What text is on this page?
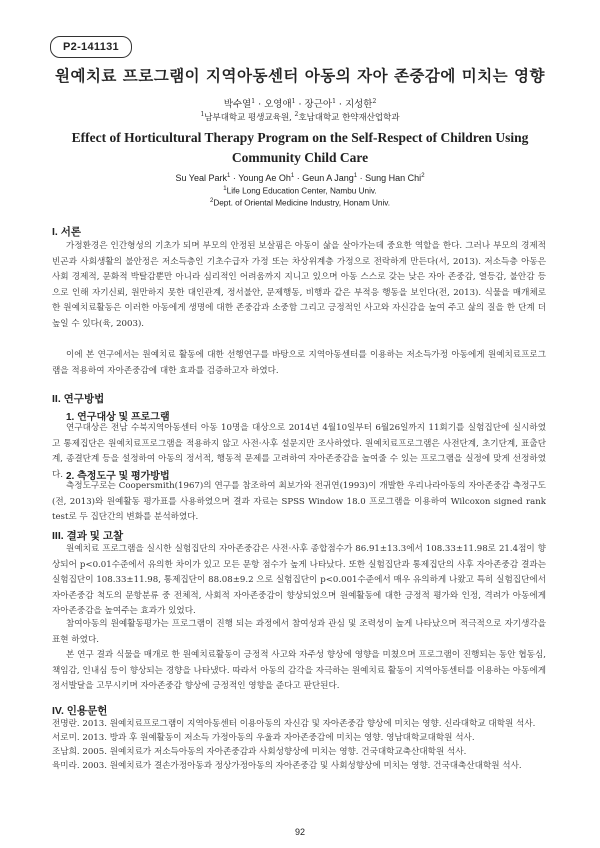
P2-141131
원예치료 프로그램이 지역아동센터 아동의 자아 존중감에 미치는 영향
박수열$^1$ · 오영애$^1$ · 장근아$^1$ · 지성한$^2$
$^1$남부대학교 평생교육원, $^2$호남대학교 한약재산업학과
Effect of Horticultural Therapy Program on the Self-Respect of Children Using Community Child Care
Su Yeal Park$^1$ · Young Ae $Oh^1$ · Geun A Jang$^1$ · Sung Han Chi$^2$
$^1$Life Long Education Center, Nambu Univ.
$^2$Dept. of Oriental Medicine Industry, Honam Univ.
I. 서론
가정환경은 인간형성의 기초가 되며 부모의 안정된 보살핌은 아동이 삶을 살아가는데 중요한 역할을 한다. 그러나 부모의 경제적 빈곤과 사회생활의 불안정은 저소득층인 기초수급자 가정 또는 차상위계층 가정으로 전락하게 만든다(서, 2013). 저소득층 아동은 사회 경제적, 문화적 박탈감뿐만 아니라 심리적인 어려움까지 지니고 있으며 아동 스스로 갖는 낮은 자아 존중감, 열등감, 불안감 등으로 인해 자기신뢰, 원만하지 못한 대인관계, 정서불안, 문제행동, 비행과 같은 부적응 행동을 보인다(전, 2013). 식물을 매개체로 한 원예치료활동은 이러한 아동에게 생명에 대한 존중감과 소중함 그리고 긍정적인 사고와 자신감을 높여 주고 삶의 질을 한 단계 더 높일 수 있다(육, 2003).
이에 본 연구에서는 원예치료 활동에 대한 선행연구를 바탕으로 지역아동센터를 이용하는 저소득가정 아동에게 원예치료프로그램을 적용하여 자아존중감에 대한 효과를 검증하고자 하였다.
II. 연구방법
1. 연구대상 및 프로그램
연구대상은 전남 수북지역아동센터 아동 10명을 대상으로 2014년 4월10일부터 6월26일까지 11회기를 실험집단에 실시하였고 통제집단은 원예치료프로그램을 적용하지 않고 사전·사후 설문지만 조사하였다. 원예치료프로그램은 사전단계, 초기단계, 표출단계, 종결단계 등을 설정하여 아동의 정서적, 행동적 문제를 고려하여 자아존중감을 높여줄 수 있는 프로그램을 실정에 맞게 선정하였다. 2. 측정도구 및 평가방법
측정도구로는 Coopersmith(1967)의 연구를 참조하여 최보가와 전귀연(1993)이 개발한 우리나라아동의 자아존중감 측정구도(전, 2013)와 원예활동 평가표를 사용하였으며 결과 자료는 SPSS Window 18.0 프로그램을 이용하여 Wilcoxon signed rank test로 두 집단간의 변화를 분석하였다.
III. 결과 및 고찰
원예치료 프로그램을 실시한 실험집단의 자아존중감은 사전·사후 종합점수가 86.91±13.3에서 108.33±11.98로 21.4점이 향상되어 p<0.01수준에서 유의한 차이가 있고 모든 문항 점수가 높게 나타났다. 또한 실험집단과 통제집단의 사후 자아존중감 결과는 실험집단이 108.33±11.98, 통제집단이 88.08±9.2 으로 실험집단이 p<0.001수준에서 매우 유의하게 나왔고 특히 실험집단에서 자아존중감 척도의 문항분류 중 전체적, 사회적 자아존중감이 향상되었으며 원예활동에 대한 긍정적 평가와 인정, 격려가 아동에게 자아존중감을 높여주는 효과가 있었다.
참여아동의 원예활동평가는 프로그램이 진행 되는 과정에서 참여성과 관심 및 조력성이 높게 나타났으며 적극적으로 자기생각을 표현 하였다.
본 연구 결과 식물을 매개로 한 원예치료활동이 긍정적 사고와 자주성 향상에 영향을 미쳤으며 프로그램이 진행되는 동안 협동심, 책임감, 인내심 등이 향상되는 경향을 나타냈다. 따라서 아동의 감각을 자극하는 원예치료 활동이 지역아동센터를 이용하는 아동에게 정서발달을 고무시키며 자아존중감 향상에 긍정적인 영향을 준다고 판단된다.
IV. 인용문헌
전명란. 2013. 원예치료프로그램이 지역아동센터 이용아동의 자신감 및 자아존중감 향상에 미치는 영향. 신라대학교 대학원 석사.
서로미. 2013. 방과 후 원예활동이 저소득 가정아동의 우울과 자아존중감에 미치는 영향. 영남대학교대학원 석사.
조남희. 2005. 원예치료가 저소득아동의 자아존중감과 사회성향상에 미치는 영향. 건국대학교축산대학원 석사.
육미라. 2003. 원예치료가 결손가정아동과 정상가정아동의 자아존중감 및 사회성향상에 미치는 영향. 건국대축산대학원 석사.
92
